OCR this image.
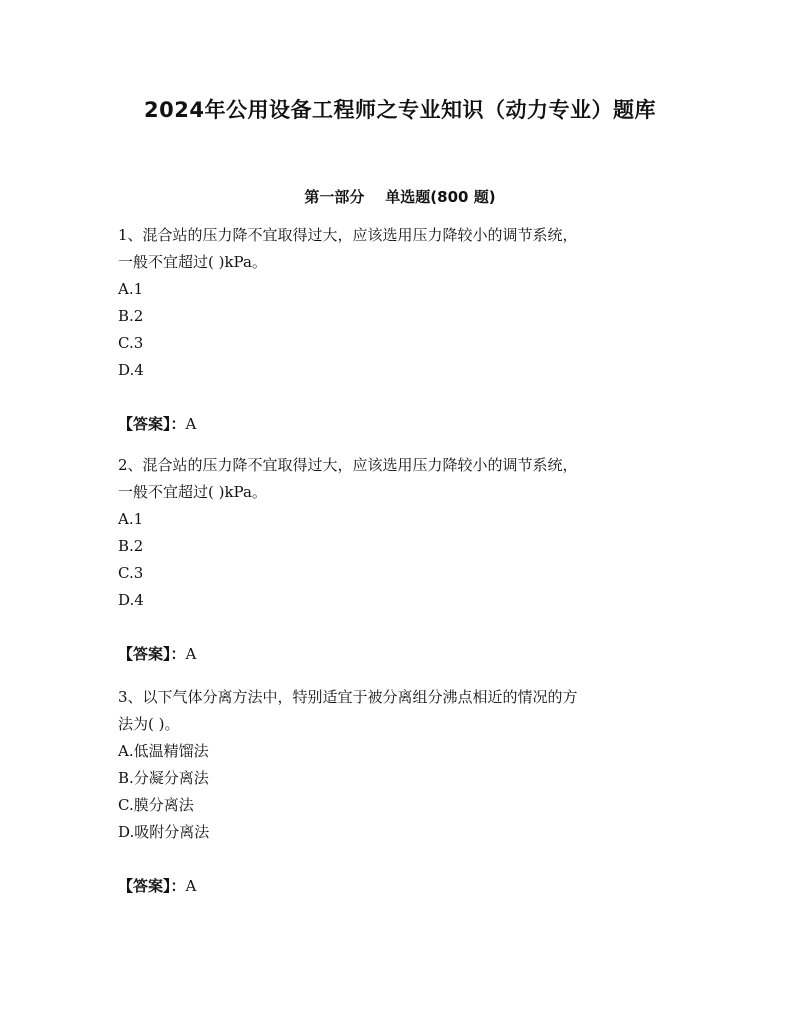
2024年公用设备工程师之专业知识（动力专业）题库
第一部分    单选题(800 题)

1、混合站的压力降不宜取得过大，应该选用压力降较小的调节系统，

一般不宜超过( )kPa。

A.1

B.2

C.3

D.4

【答案】：A

2、混合站的压力降不宜取得过大，应该选用压力降较小的调节系统，

一般不宜超过( )kPa。

A.1

B.2

C.3

D.4

【答案】：A

3、以下气体分离方法中，特别适宜于被分离组分沸点相近的情况的方

法为( )。

A.低温精馏法

B.分凝分离法

C.膜分离法

D.吸附分离法

【答案】：A
